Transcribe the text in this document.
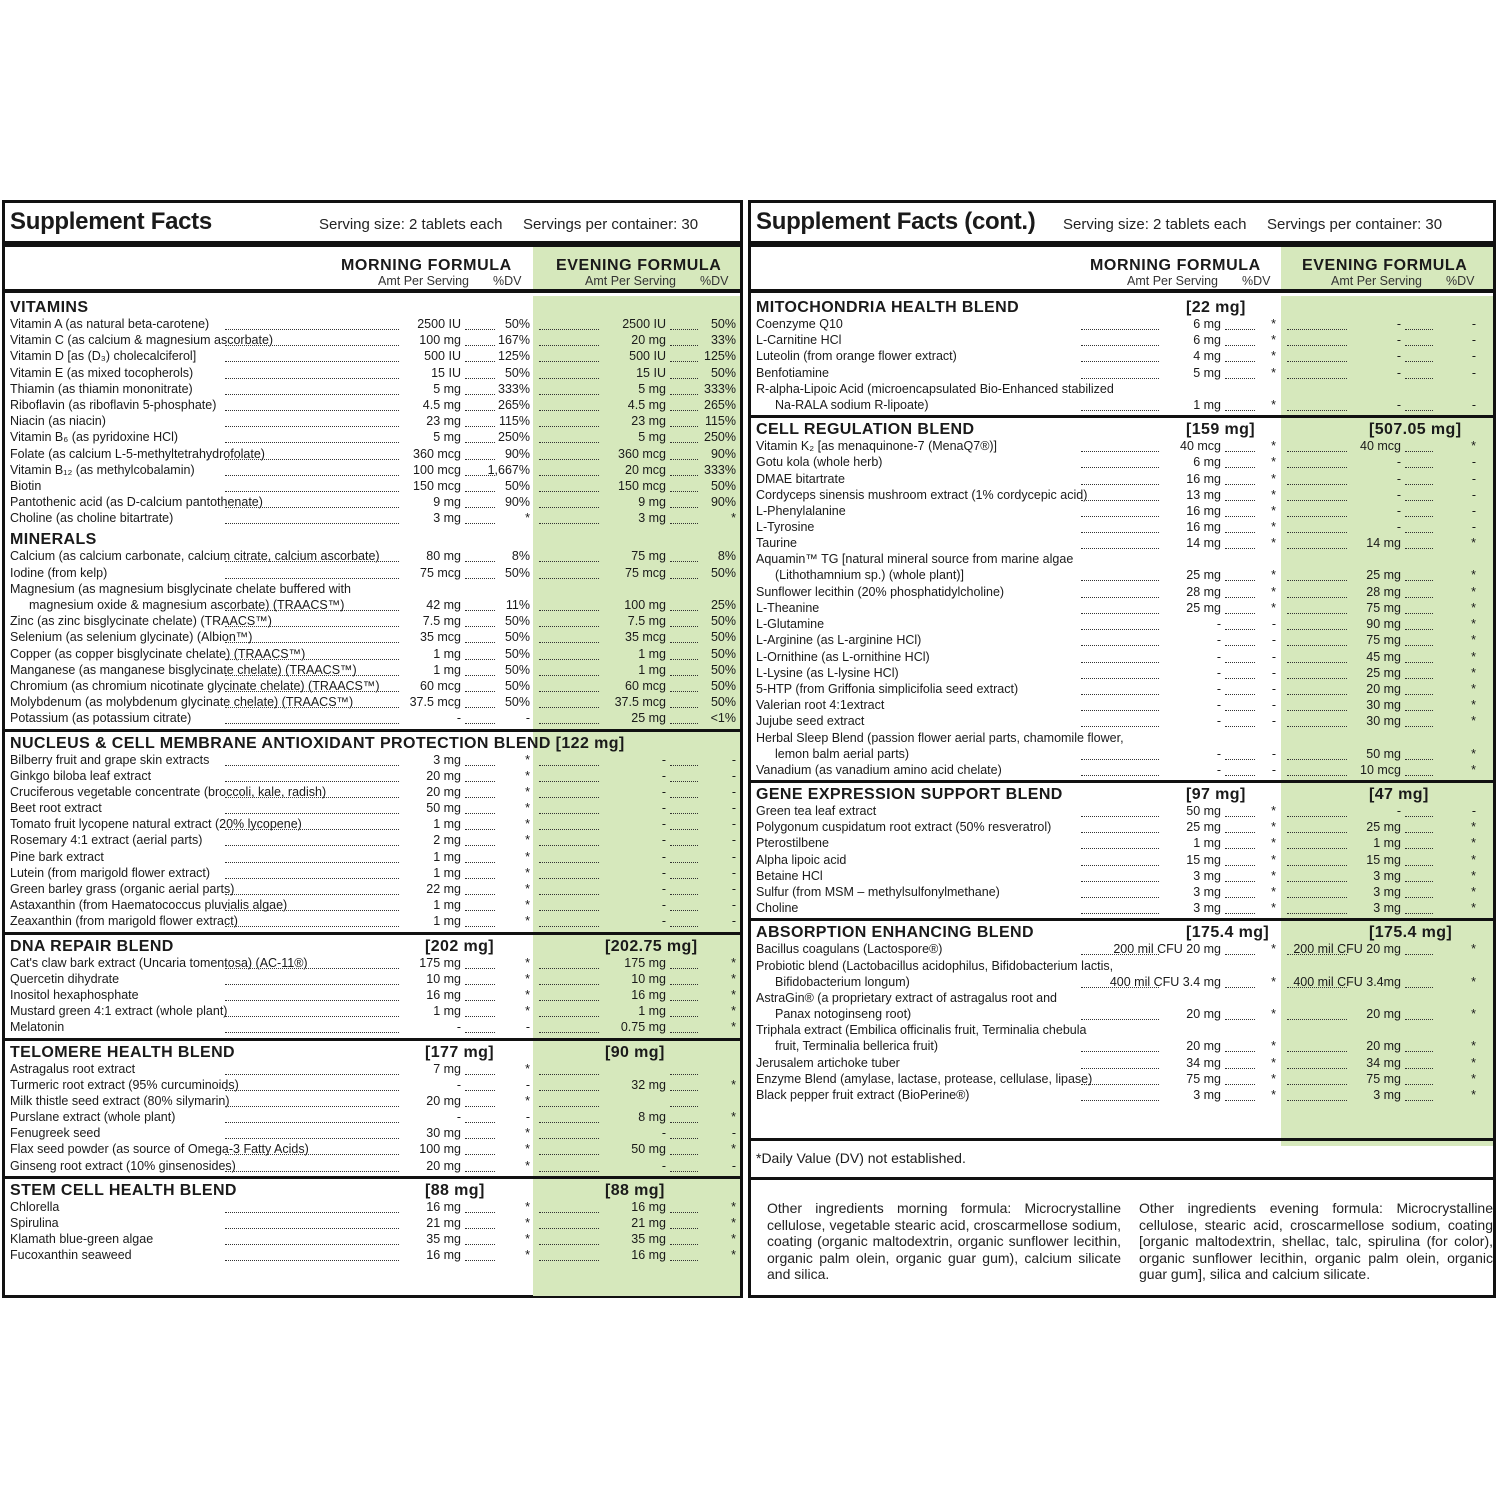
Supplement Facts	Serving size: 2 tablets each Servings per container: 30
MORNING FORMULA	EVENING FORMULA
Amt Per Serving %DV	Amt Per Serving %DV
VITAMINS
Vitamin A (as natural beta-carotene)	2500 IU	50%	2500 IU	50%
Vitamin C (as calcium & magnesium ascorbate)	100 mg	167%	20 mg	33%
Vitamin D [as (D₃) cholecalciferol]	500 IU	125%	500 IU	125%
Vitamin E (as mixed tocopherols)	15 IU	50%	15 IU	50%
Thiamin (as thiamin mononitrate)	5 mg	333%	5 mg	333%
Riboflavin (as riboflavin 5-phosphate)	4.5 mg	265%	4.5 mg	265%
Niacin (as niacin)	23 mg	115%	23 mg	115%
Vitamin B₆ (as pyridoxine HCl)	5 mg	250%	5 mg	250%
Folate (as calcium L-5-methyltetrahydrofolate)	360 mcg	90%	360 mcg	90%
Vitamin B₁₂ (as methylcobalamin)	100 mcg 1,667%	20 mcg	333%
Biotin	150 mcg	50%	150 mcg	50%
Pantothenic acid (as D-calcium pantothenate)	9 mg	90%	9 mg	90%
Choline (as choline bitartrate)	3 mg	*	3 mg	*
MINERALS
Calcium (as calcium carbonate, calcium citrate, calcium ascorbate)	80 mg	8%	75 mg	8%
Iodine (from kelp)	75 mcg	50%	75 mcg	50%
Magnesium (as magnesium bisglycinate chelate buffered with
magnesium oxide & magnesium ascorbate) (TRAACS™)	42 mg	11%	100 mg	25%
Zinc (as zinc bisglycinate chelate) (TRAACS™)	7.5 mg	50%	7.5 mg	50%
Selenium (as selenium glycinate) (Albion™)	35 mcg	50%	35 mcg	50%
Copper (as copper bisglycinate chelate) (TRAACS™)	1 mg	50%	1 mg	50%
Manganese (as manganese bisglycinate chelate) (TRAACS™)	1 mg	50%	1 mg	50%
Chromium (as chromium nicotinate glycinate chelate) (TRAACS™)	60 mcg	50%	60 mcg	50%
Molybdenum (as molybdenum glycinate chelate) (TRAACS™)	37.5 mcg	50%	37.5 mcg	50%
Potassium (as potassium citrate)	-	-	25 mg	<1%
NUCLEUS & CELL MEMBRANE ANTIOXIDANT PROTECTION BLEND [122 mg]
Bilberry fruit and grape skin extracts	3 mg	*	-	-
Ginkgo biloba leaf extract	20 mg	*	-	-
Cruciferous vegetable concentrate (broccoli, kale, radish)	20 mg	*	-	-
Beet root extract	50 mg	*	-	-
Tomato fruit lycopene natural extract (20% lycopene)	1 mg	*	-	-
Rosemary 4:1 extract (aerial parts)	2 mg	*	-	-
Pine bark extract	1 mg	*	-	-
Lutein (from marigold flower extract)	1 mg	*	-	-
Green barley grass (organic aerial parts)	22 mg	*	-	-
Astaxanthin (from Haematococcus pluvialis algae)	1 mg	*	-	-
Zeaxanthin (from marigold flower extract)	1 mg	*	-	-
DNA REPAIR BLEND	[202 mg]	[202.75 mg]
Cat's claw bark extract (Uncaria tomentosa) (AC-11®)	175 mg	*	175 mg	*
Quercetin dihydrate	10 mg	*	10 mg	*
Inositol hexaphosphate	16 mg	*	16 mg	*
Mustard green 4:1 extract (whole plant)	1 mg	*	1 mg	*
Melatonin	-	-	0.75 mg	*
TELOMERE HEALTH BLEND	[177 mg]	[90 mg]
Astragalus root extract	7 mg	*
Turmeric root extract (95% curcuminoids)	-	-	32 mg	*
Milk thistle seed extract (80% silymarin)	20 mg	*
Purslane extract (whole plant)	-	-	8 mg	*
Fenugreek seed	30 mg	*	-	-
Flax seed powder (as source of Omega-3 Fatty Acids)	100 mg	*	50 mg	*
Ginseng root extract (10% ginsenosides)	20 mg	*	-	-
STEM CELL HEALTH BLEND	[88 mg]	[88 mg]
Chlorella	16 mg	*	16 mg	*
Spirulina	21 mg	*	21 mg	*
Klamath blue-green algae	35 mg	*	35 mg	*
Fucoxanthin seaweed	16 mg	*	16 mg	*
Supplement Facts (cont.) Serving size: 2 tablets each Servings per container: 30
MORNING FORMULA	EVENING FORMULA
Amt Per Serving %DV	Amt Per Serving %DV
MITOCHONDRIA HEALTH BLEND	[22 mg]
Coenzyme Q10	6 mg	*	-	-
L-Carnitine HCl	6 mg	*	-	-
Luteolin (from orange flower extract)	4 mg	*	-	-
Benfotiamine	5 mg	*	-	-
R-alpha-Lipoic Acid (microencapsulated Bio-Enhanced stabilized
Na-RALA sodium R-lipoate)	1 mg	*	-	-
CELL REGULATION BLEND	[159 mg]	[507.05 mg]
Vitamin K₂ [as menaquinone-7 (MenaQ7®)]	40 mcg	*	40 mcg	*
Gotu kola (whole herb)	6 mg	*	-	-
DMAE bitartrate	16 mg	*	-	-
Cordyceps sinensis mushroom extract (1% cordycepic acid)	13 mg	*	-	-
L-Phenylalanine	16 mg	*	-	-
L-Tyrosine	16 mg	*	-	-
Taurine	14 mg	*	14 mg	*
Aquamin™ TG [natural mineral source from marine algae
(Lithothamnium sp.) (whole plant)]	25 mg	*	25 mg	*
Sunflower lecithin (20% phosphatidylcholine)	28 mg	*	28 mg	*
L-Theanine	25 mg	*	75 mg	*
L-Glutamine	-	-	90 mg	*
L-Arginine (as L-arginine HCl)	-	-	75 mg	*
L-Ornithine (as L-ornithine HCl)	-	-	45 mg	*
L-Lysine (as L-lysine HCl)	-	-	25 mg	*
5-HTP (from Griffonia simplicifolia seed extract)	-	-	20 mg	*
Valerian root 4:1extract	-	-	30 mg	*
Jujube seed extract	-	-	30 mg	*
Herbal Sleep Blend (passion flower aerial parts, chamomile flower,
lemon balm aerial parts)	-	-	50 mg	*
Vanadium (as vanadium amino acid chelate)	-	-	10 mcg	*
GENE EXPRESSION SUPPORT BLEND	[97 mg]	[47 mg]
Green tea leaf extract	50 mg	*	-	-
Polygonum cuspidatum root extract (50% resveratrol)	25 mg	*	25 mg	*
Pterostilbene	1 mg	*	1 mg	*
Alpha lipoic acid	15 mg	*	15 mg	*
Betaine HCl	3 mg	*	3 mg	*
Sulfur (from MSM – methylsulfonylmethane)	3 mg	*	3 mg	*
Choline	3 mg	*	3 mg	*
ABSORPTION ENHANCING BLEND	[175.4 mg]	[175.4 mg]
Bacillus coagulans (Lactospore®)	200 mil CFU 20 mg	* 200 mil CFU 20 mg	*
Probiotic blend (Lactobacillus acidophilus, Bifidobacterium lactis,
Bifidobacterium longum)	400 mil CFU 3.4 mg	* 400 mil CFU 3.4mg	*
AstraGin® (a proprietary extract of astragalus root and
Panax notoginseng root)	20 mg	*	20 mg	*
Triphala extract (Embilica officinalis fruit, Terminalia chebula
fruit, Terminalia bellerica fruit)	20 mg	*	20 mg	*
Jerusalem artichoke tuber	34 mg	*	34 mg	*
Enzyme Blend (amylase, lactase, protease, cellulase, lipase)	75 mg	*	75 mg	*
Black pepper fruit extract (BioPerine®)	3 mg	*	3 mg	*
*Daily Value (DV) not established.
Other ingredients morning formula: Microcrystalline cellulose, vegetable stearic acid, croscarmellose sodium, coating (organic maltodextrin, organic sunflower lecithin, organic palm olein, organic guar gum), calcium silicate and silica.
Other ingredients evening formula: Microcrystalline cellulose, stearic acid, croscarmellose sodium, coating [organic maltodextrin, shellac, talc, spirulina (for color), organic sunflower lecithin, organic palm olein, organic guar gum], silica and calcium silicate.
